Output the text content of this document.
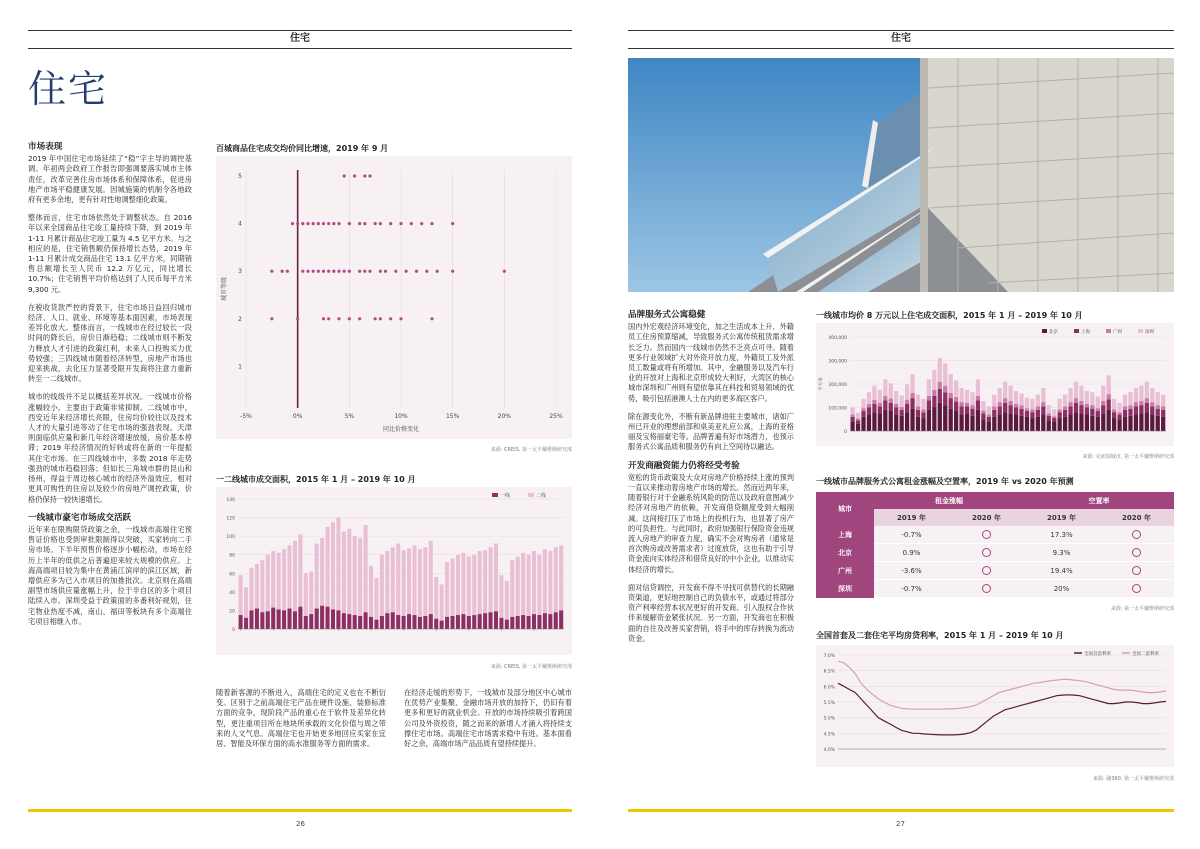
住宅
住宅
市场表现

2019 年中国住宅市场延续了“稳”字主导的调控基调。年初两会政府工作报告即强调要落实城市主体责任，改革完善住房市场体系和保障体系，促进房地产市场平稳健康发展。因城施策的机制令各地政府有更多余地，更有针对性地调整细化政策。

整体而言，住宅市场依然处于调整状态。自 2016 年以来全国商品住宅竣工量持续下降，到 2019 年 1-11 月累计商品住宅竣工量为 4.5 亿平方米。与之相应的是，住宅销售额仍保持增长态势，2019 年 1-11 月累计成交商品住宅 13.1 亿平方米，同期销售总额增长至人民币 12.2 万亿元，同比增长 10.7%；住宅销售平均价格达到了人民币每平方米 9,300 元。

在税收货款严控的背景下，住宅市场日益回归城市经济、人口、就业、环境等基本面因素，市场表现差异化放大。整体而言，一线城市在经过较长一段时间的降长后，房价日渐趋稳；二线城市则不断发力释放人才引进的政策红利，未来人口投购买力优势较强；三四线城市随着经济转型，房地产市场也迎来挑战，去化压力显著受限开发商将注意力重新转至一二线城市。

城市的线级并不足以概括差异状况。一线城市价格涨幅较小，主要由于政策非常抑制。二线城市中，西安近年来经济增长亮眼，住房均价较往以及技术人才的大量引进等动了住宅市场的强劲表现。天津则面临供应量和新几年经济增速放缓，房价基本停滞；2019 年经济情况的好转或将在新的一年提振其住宅市场。在三四线城市中，多数 2018 年走势强劲的城市趋稳回落；但如长三角城市群的昆山和扬州，得益于周边核心城市的经济外溢效应，相对更具可购性的住房以及较少的房地产调控政策，价格仍保持一较快速增长。

一线城市豪宅市场成交活跃

近年来在限购限贷政策之余，一线城市高端住宅预售证价格也受到审批限制得以突破，买家转向二手房市场。下半年预售价格逐步小幅松动，市场在经历上半年的低供之后普遍迎来较大规模的供应。上海高端项目较为集中在黄浦江滨岸的滨江区域，新增供应多为已入市项目的加推批次。北京则在高端副型市场供应量涨幅上升，位于半自区的多个项目陆续入市。深圳受益于政策面的多番利好规划，住宅物业热度不减，南山、福田等板块有多个高端住宅项目相继入市。

百城商品住宅成交均价同比增速，2019 年 9 月
-5%	0%	5%	10%	15%	20%	25%
1
2
3
4
5
同比价格变化
城市等级
来源: CREIS, 第一太平戴维斯研究部
一二线城市成交面积，2015 年 1 月 – 2019 年 10 月
0
20
40
60
80
100
120
140
一线	二线
来源: CREIS, 第一太平戴维斯研究部

随着新客源的不断进入，高端住宅的定义也在不断衍变。区别于之前高端住宅产品在硬件设施、装修标准方面的竞争，现阶段产品的重心在于软件及差异化转型，更注重项目所在地块所承载的文化价值与周之带来的人文气息。高端住宅也开始更多地回应买家在宜居、智能及环保方面的高水准服务等方面的需求。

在经济走缓的形势下，一线城市及部分地区中心城市在优势产业集聚、金融市场开放的加持下，仍旧有着更多和更好的就业机会。开放的市场持续吸引着跨国公司及外资投资，随之而来的新增人才涌入将持续支撑住宅市场。高端住宅市场需求稳中有进。基本面看好之余，高端市场产品品质有望持续提升。

26
住宅
品牌服务式公寓稳健

国内外宏观经济环境变化，加之生活成本上升、外籍员工住房预算缩减，导致服务式公寓传统租赁需求增长乏力。然而国内一线城市仍然不乏亮点可寻。随着更多行业领域扩大对外资开放力度，外籍员工及外派员工数量或将有所增加。其中，金融服务以及汽车行业的开放对上海和北京形成较大利好，大湾区的核心城市深圳和广州则有望依靠其在科技和贸易领域的优势，吸引包括港澳人士在内的更多海区客户。

除在源变化外，不断有新品牌进驻主要城市，诸如广州已开业的理想前部和桌美亚礼应公寓，上海的亚格丽及宝格丽豪宅等。品牌普遍有好市场潜力，也预示服务式公寓品质和服务仍有向上空间待以融达。

开发商融资能力仍将经受考验

宽松的货币政策及大众对房地产价格持续上涨的预判一直以来推动着房地产市场的增长。然而近两年来，随着银行对于金融系统风险的防范以及政府意图减少经济对房地产的依赖，开发商借贷额度受到大幅削减。这间接打压了市场上的投机行为，也显著了房产的可负担性。与此同时，政府加强银行保险资金违规流入房地产的审查力度，确实不会对购房者（通常是首次购房或改善需求者）过度放贷，这也有助于引导资金流向实体经济和借贷良好的中小企业，以推动实体经济的增长。

面对信贷调控，开发商不得不寻找可供替代的长期融资渠道，更好地控制自己的负债水平，或通过将部分资产利率经营本状况更好的开发商、引入股权合作伙伴来缓解资金紧张状况。另一方面，开发商也在积极面的自住及改善买家营销，将手中的库存转换为流动资金。

一线城市均价 8 万元以上住宅成交面积，2015 年 1 月 – 2019 年 10 月
0
100,000
200,000
300,000
400,000
平方米
北京	上海	广州	深圳
来源: 克而瑞城市, 第一太平戴维斯研究部
一线城市品牌服务式公寓租金涨幅及空置率，2019 年 vs 2020 年预测
城市	租金涨幅		空置率	
	2019 年	2020 年	2019 年	2020 年
上海	-0.7%		17.3%	
北京	0.9%		9.3%	
广州	-3.6%		19.4%	
深圳	-0.7%		20%	
来源: 第一太平戴维斯研究部
全国首套及二套住宅平均房贷利率，2015 年 1 月 – 2019 年 10 月
4.0%
4.5%
5.0%
5.5%
6.0%
6.5%
7.0%	全国首套利率	全国二套利率
来源: 融360, 第一太平戴维斯研究部
27
